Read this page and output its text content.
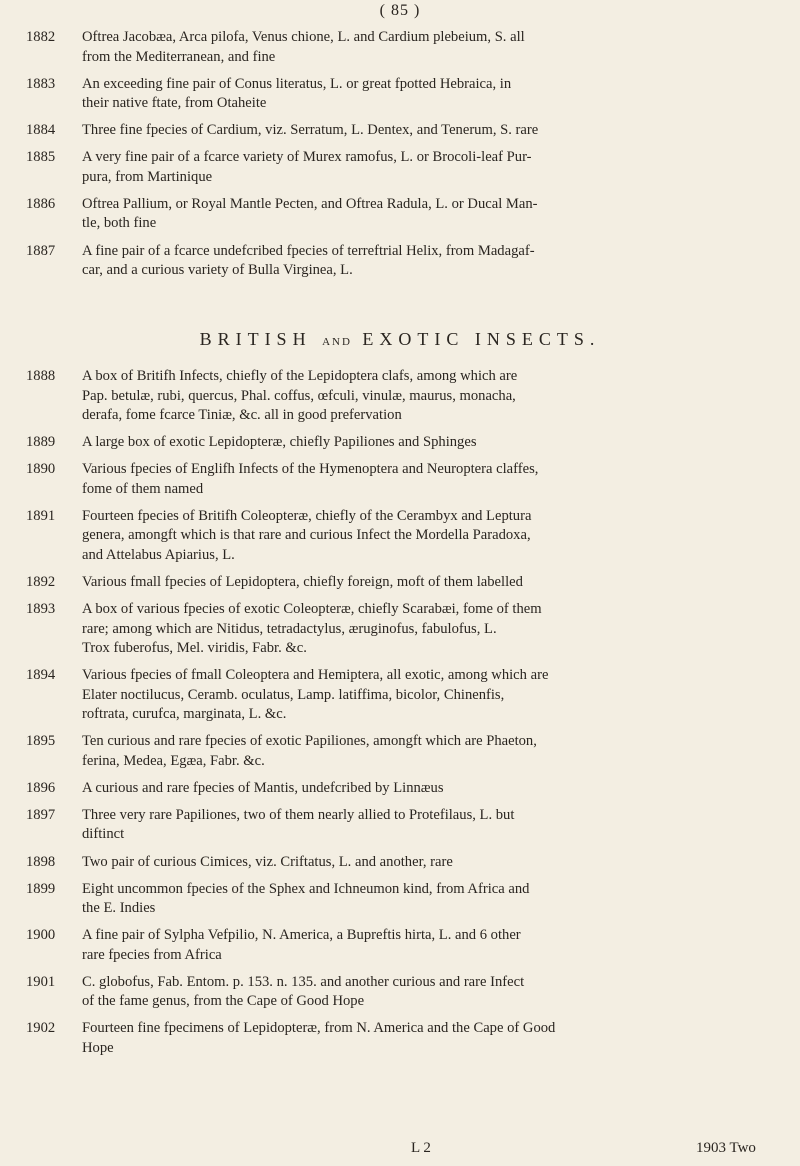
( 85 )
1882	Oftrea Jacobæa, Arca pilofa, Venus chione, L. and Cardium plebeium, S. all
from the Mediterranean, and fine
1883	An exceeding fine pair of Conus literatus, L. or great fpotted Hebraica, in
their native ftate, from Otaheite
1884	Three fine fpecies of Cardium, viz. Serratum, L. Dentex, and Tenerum, S. rare
1885	A very fine pair of a fcarce variety of Murex ramofus, L. or Brocoli-leaf Pur-
pura, from Martinique
1886	Oftrea Pallium, or Royal Mantle Pecten, and Oftrea Radula, L. or Ducal Man-
tle, both fine
1887	A fine pair of a fcarce undefcribed fpecies of terreftrial Helix, from Madagaf-
car, and a curious variety of Bulla Virginea, L.
BRITISH AND EXOTIC INSECTS.
1888	A box of Britifh Infects, chiefly of the Lepidoptera clafs, among which are
Pap. betulæ, rubi, quercus, Phal. coffus, œfculi, vinulæ, maurus, monacha,
derafa, fome fcarce Tiniæ, &c. all in good prefervation
1889	A large box of exotic Lepidopteræ, chiefly Papiliones and Sphinges
1890	Various fpecies of Englifh Infects of the Hymenoptera and Neuroptera claffes,
fome of them named
1891	Fourteen fpecies of Britifh Coleopteræ, chiefly of the Cerambyx and Leptura
genera, amongft which is that rare and curious Infect the Mordella Paradoxa,
and Attelabus Apiarius, L.
1892	Various fmall fpecies of Lepidoptera, chiefly foreign, moft of them labelled
1893	A box of various fpecies of exotic Coleopteræ, chiefly Scarabæi, fome of them
rare; among which are Nitidus, tetradactylus, æruginofus, fabulofus, L.
Trox fuberofus, Mel. viridis, Fabr. &c.
1894	Various fpecies of fmall Coleoptera and Hemiptera, all exotic, among which are
Elater noctilucus, Ceramb. oculatus, Lamp. latiffima, bicolor, Chinenfis,
roftrata, curufca, marginata, L. &c.
1895	Ten curious and rare fpecies of exotic Papiliones, amongft which are Phaeton,
ferina, Medea, Egæa, Fabr. &c.
1896	A curious and rare fpecies of Mantis, undefcribed by Linnæus
1897	Three very rare Papiliones, two of them nearly allied to Protefilaus, L. but
diftinct
1898	Two pair of curious Cimices, viz. Criftatus, L. and another, rare
1899	Eight uncommon fpecies of the Sphex and Ichneumon kind, from Africa and
the E. Indies
1900	A fine pair of Sylpha Vefpilio, N. America, a Bupreftis hirta, L. and 6 other
rare fpecies from Africa
1901	C. globofus, Fab. Entom. p. 153. n. 135. and another curious and rare Infect
of the fame genus, from the Cape of Good Hope
1902	Fourteen fine fpecimens of Lepidopteræ, from N. America and the Cape of Good
Hope
L 2	1903 Two
